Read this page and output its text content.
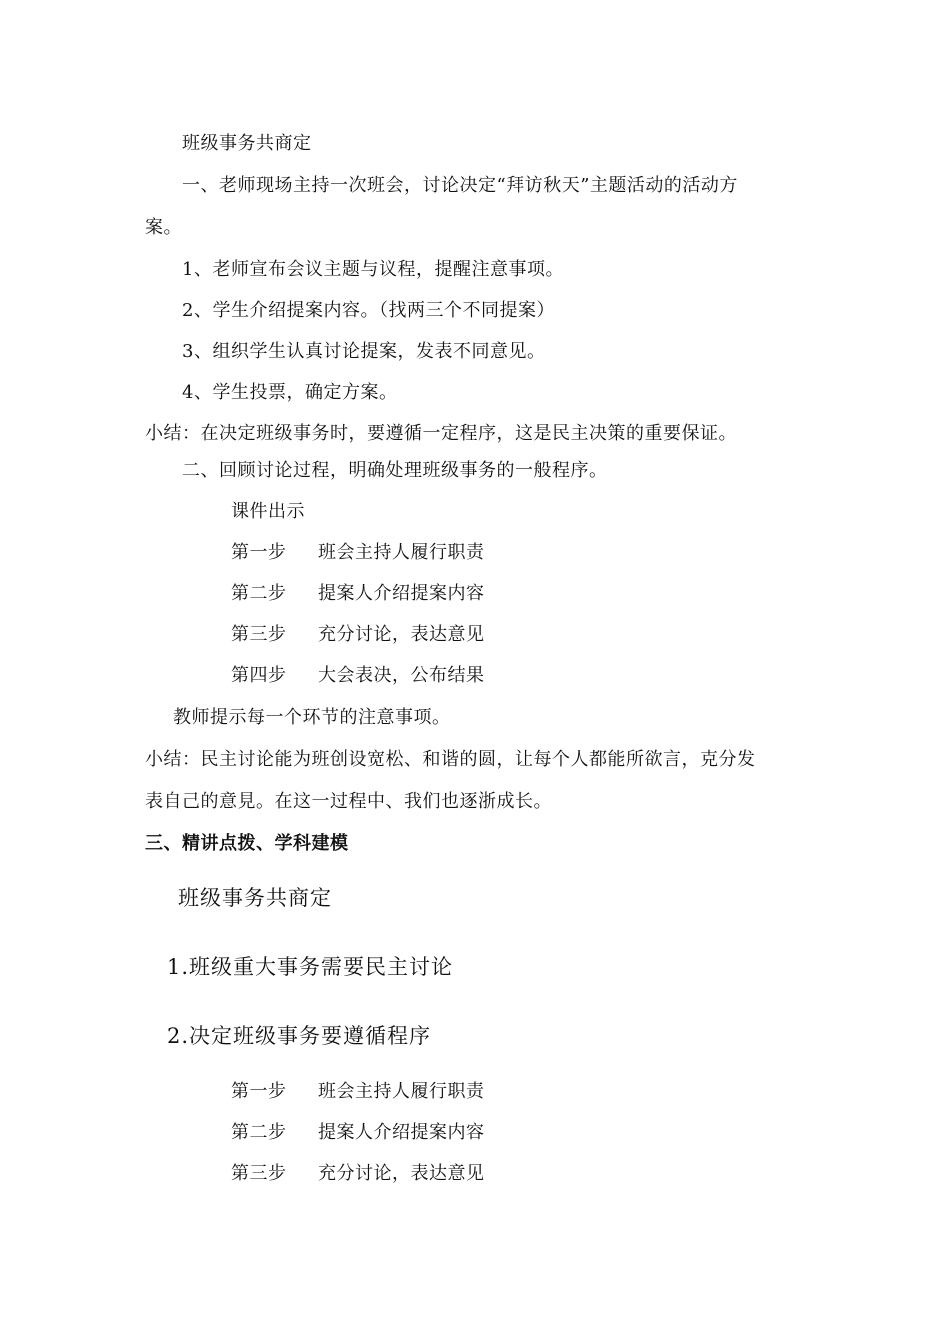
班级事务共商定
一、老师现场主持一次班会，讨论决定“拜访秋天”主题活动的活动方
案。
1、老师宣布会议主题与议程，提醒注意事项。
2、学生介绍提案内容。（找两三个不同提案）
3、组织学生认真讨论提案，发表不同意见。
4、学生投票，确定方案。
小结：在决定班级事务时，要遵循一定程序，这是民主决策的重要保证。
二、回顾讨论过程，明确处理班级事务的一般程序。
课件出示
第一步 班会主持人履行职责
第二步 提案人介绍提案内容
第三步 充分讨论，表达意见
第四步 大会表决，公布结果
教师提示每一个环节的注意事项。
小结：民主讨论能为班创设宽松、和谐的圆，让每个人都能所欲言，克分发
表自己的意見。在这一过程中、我们也逐浙成长。
三、精讲点拨、学科建模
班级事务共商定
1.班级重大事务需要民主讨论
2.决定班级事务要遵循程序
第一步 班会主持人履行职责
第二步 提案人介绍提案内容
第三步 充分讨论，表达意见
